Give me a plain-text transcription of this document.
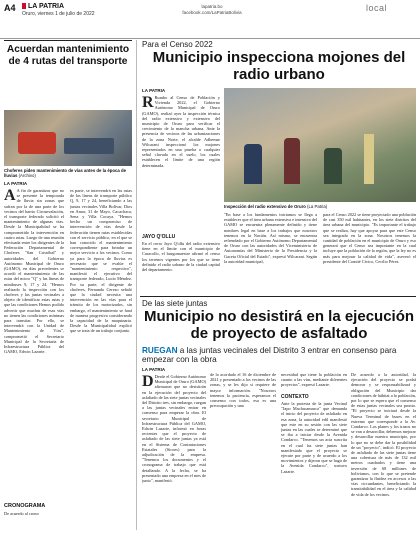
A4	LA PATRIA
Oruro, viernes 1 de julio de 2022
lapatria.bo
facebook.com/LaPatriaBolivia	local
Acuerdan mantenimiento de 4 rutas del transporte
Choferes piden mantenimiento de vías antes de la época de lluvias (Archivo)
LA PATRIA
A A fin de garantizar que no se presente la temporada de lluvia sin zonas que sufran por la de una parte de los vecinos del barrio Circunvalación, el transporte federado solicitó el mantenimiento de algunas vías. Desde la Municipalidad se ha comprometido la intervención en cuatro rutas. Luego de una reunión efectuada entre los dirigentes de la Federación Departamental de Choferes "San Cristóbal" y autoridades del Gobierno Autónomo Municipal de Oruro (GAMO), en días precedentes se acordó el mantenimiento de las rutas del micro "Q" y las líneas de minibuses 9, 17 y 24. "Hemos realizado la inspección con los choferes y las juntas vecinales a objeto de identificar estas rutas y que las condiciones Hemos podido advertir que muchas de esas vías no tienen las condiciones mínimas para transitar. Por ello, se intervendrá con la Unidad de Mantenimiento de Vías", comprometió el Secretario Municipal de la Secretaría de Infraestructura Pública del GAMO, Edwin Lazarte.
es parte, se intervendrá en las rutas de las líneas de transporte público Q, 9, 17 y 24, beneficiando a las juntas vecinales Villa Bolívar, Dios en Amor, 31 de Mayo, Cacachaca, Sena y Villa Cocaya. "Hemos hecho un compromiso de intervención de vías desde la federación tienen rutas establecidas con el servicio público, en el que se han conocido el mantenimiento correspondiente para brindar un mejor servicio a los vecinos. Como ya para la época de lluvias es necesario que se evalúe el "mantenimiento respectivo", manifestó el ejecutivo del transporte federado, Lucio Méndez. Por su parte, el dirigente de choferes, Fernando Cerezo señaló que la ciudad necesita una intervención en las vías para el tránsito de los motorizados, sin embargo, el mantenimiento se hará de manera progresiva considerando la capacidad de la maquinaria. Desde la Municipalidad explicó que se trata de un trabajo conjunto.
CRONOGRAMA
De acuerdo al crono
Para el Censo 2022
Municipio inspecciona mojones del radio urbano
LA PATRIA
R Rumbo al Censo de Población y Vivienda 2022, el Gobierno Autónomo Municipal de Oruro (GAMO), realizó ayer la inspección técnica del radio extensivo y extensivo del municipio de Oruro para verificar el crecimiento de la mancha urbana. Ante la presencia de vecinos de las urbanizaciones de la zona Norte, el alcalde Adhemar Wilcarani inspeccionó los mojones representados en una prueba o cualquier señal clavada en el suelo, los cuales establecen el límite de una región determinada.
JAYO Q'OLLU
En el cerro Jayo Q'ollu del radio extensivo tiene en el límite con el municipio de Caracollo, el burgomaestre afirmó el censo los terrenos vigentes por los que se tiene definido el radio urbano de la ciudad capital del departamento.
Inspección del radio extensivo de Oruro (La Patria)
"En base a los fundamentos iniciamos se llega a establecer que el área urbana extensiva e intensiva del GAMO se encuentra plenamente definido y tiene nombres legal en base a los trabajos que nosotros tenemos en la Nación. Así mismo, se encuentra refrendado por el Gobierno Autónomo Departamental de Oruro con las autoridades del Viceministerio de Autonomías del Ministerio de la Presidencia y la Gaceta Oficial del Estado", expresó Wilcarani. Según la autoridad municipal,
para el Censo 2022 se tiene proyectado una población de casi 350 mil habitantes, en los siete distritos del área urbana del municipio. "Es importante el trabajo que se realiza, hay que apoyar para que este Censo sea integrado en la zona. Nosotros tenemos la cantidad de población en el municipio de Oruro y eso generará que el Censo sea importante en la cual incluye que la población de la región, que la ley no es más para mejorar la calidad de vida", aseveró el presidente del Comité Cívico, Cecilio Pérez.
De las siete juntas
Municipio no desistirá en la ejecución de proyecto de asfaltado
RUEGAN a las juntas vecinales del Distrito 3 entrar en consenso para empezar con la obra
LA PATRIA
D Desde el Gobierno Autónomo Municipal de Oruro (GAMO) afirmaron que no desistirán en la ejecución del proyecto del asfaltado de las siete juntas vecinales del Distrito tres, sin embargo, ruegan a las juntas vecinales entrar en consenso para empezar la obra. El secretario Municipal de Infraestructura Pública del GAMO, Edwin Lazarte, informó en horas recientes que el proyecto de asfaltado de las siete juntas ya está en el Sistema de Contrataciones Estatales (Sicoes) para la adjudicación de la empresa. "Tenemos los documentos y el cronograma de trabajo que está detallando. A la fecha, se ha presentado una empresa en el mes de junio", manifestó.
de lo acordado el 16 de diciembre de 2021 y presentado a los vecinos de las zonas, y se les dijo si requiere de mayor información. "Nosotros tenemos la paciencia, esperamos el consenso con todos, esa es una preocupación y una
necesidad que tiene la población en cuanto a las vías, mediante diferentes proyectos", expresó Lazarte.
CONTEXTO
Ante la protesta de la junta Vecinal "Japo Machacamarca" que demanda el inicio del proyecto de asfaltado en esa zona, la autoridad edil manifestó que este en su sesión con las siete juntas en las cuales se determinó que se iba a iniciar desde la Avenida Condarco. "Tenemos un acta suscrita en el cual las siete juntas han manifestado que el proyecto se ejecute por parte y de acuerdo a los movimientos y dijeron que se haga de la Avenida Condarco", sostuvo Lazarte.
De acuerdo a la autoridad, la ejecución del proyecto se podrá demorar y se responsabilizará y obligación del Municipio dar condiciones de hábitat a la población, por lo que se espera que el consenso de estas juntas vecinales sea pronto. "El proyecto se iniciará desde la Nueva Terminal de buses en el extremo que corresponde a la Av. Condarco. Los planes y los trazos no se van a desarrollar, debemos mejorar y desarrollar nuestro municipio, por lo que no se debe dar la posibilidad de un "proyecto", indicó. El proyecto de asfaltado de las siete juntas tiene una cobertura de más de 132 mil metros cuadrados y tiene una inversión de 68 millones de bolivianos, con lo que se pretende garantizar la fluidez en accesos a las vías circundantes, beneficiando la transitabilidad en el área y la calidad de vida de los vecinos.
